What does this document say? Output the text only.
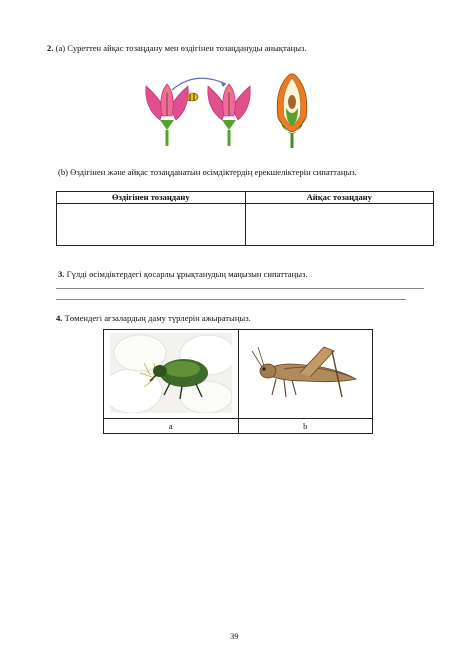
2. (a) Суреттен айқас тозаңдану мен өздігінен тозаңдануды анықтаңыз.
(b) Өздігінен және айқас тозаңданатын өсімдіктердің ерекшеліктерін сипаттаңыз.
Өздігінен тозаңдану	Айқас тозаңдану

3. Гүлді өсімдіктердегі қосарлы ұрықтанудың маңызын сипаттаңыз.
4. Төмендегі ағзалардың даму түрлерін ажыратыңыз.

a	b
39
